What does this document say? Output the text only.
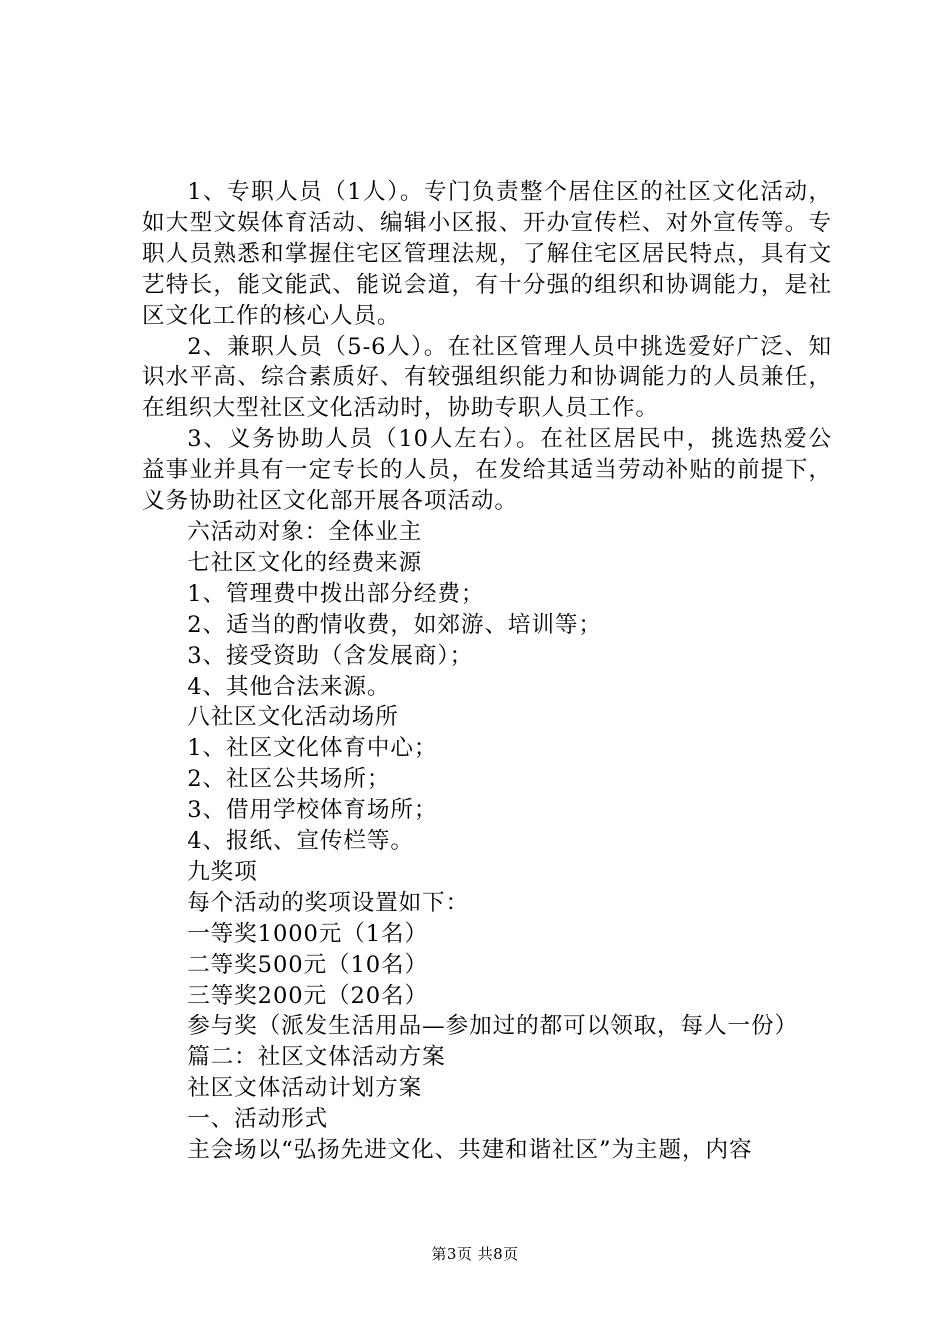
1、专职人员（1人）。专门负责整个居住区的社区文化活动，如大型文娱体育活动、编辑小区报、开办宣传栏、对外宣传等。专职人员熟悉和掌握住宅区管理法规，了解住宅区居民特点，具有文艺特长，能文能武、能说会道，有十分强的组织和协调能力，是社区文化工作的核心人员。

2、兼职人员（5-6人）。在社区管理人员中挑选爱好广泛、知识水平高、综合素质好、有较强组织能力和协调能力的人员兼任，在组织大型社区文化活动时，协助专职人员工作。

3、义务协助人员（10人左右）。在社区居民中，挑选热爱公益事业并具有一定专长的人员，在发给其适当劳动补贴的前提下，义务协助社区文化部开展各项活动。

六活动对象：全体业主

七社区文化的经费来源

1、管理费中拨出部分经费；

2、适当的酌情收费，如郊游、培训等；

3、接受资助（含发展商）；

4、其他合法来源。

八社区文化活动场所

1、社区文化体育中心；

2、社区公共场所；

3、借用学校体育场所；

4、报纸、宣传栏等。

九奖项

每个活动的奖项设置如下：

一等奖1000元（1名）

二等奖500元（10名）

三等奖200元（20名）

参与奖（派发生活用品—参加过的都可以领取，每人一份）

篇二：社区文体活动方案

社区文体活动计划方案

一、活动形式

主会场以“弘扬先进文化、共建和谐社区”为主题，内容

第3页 共8页
